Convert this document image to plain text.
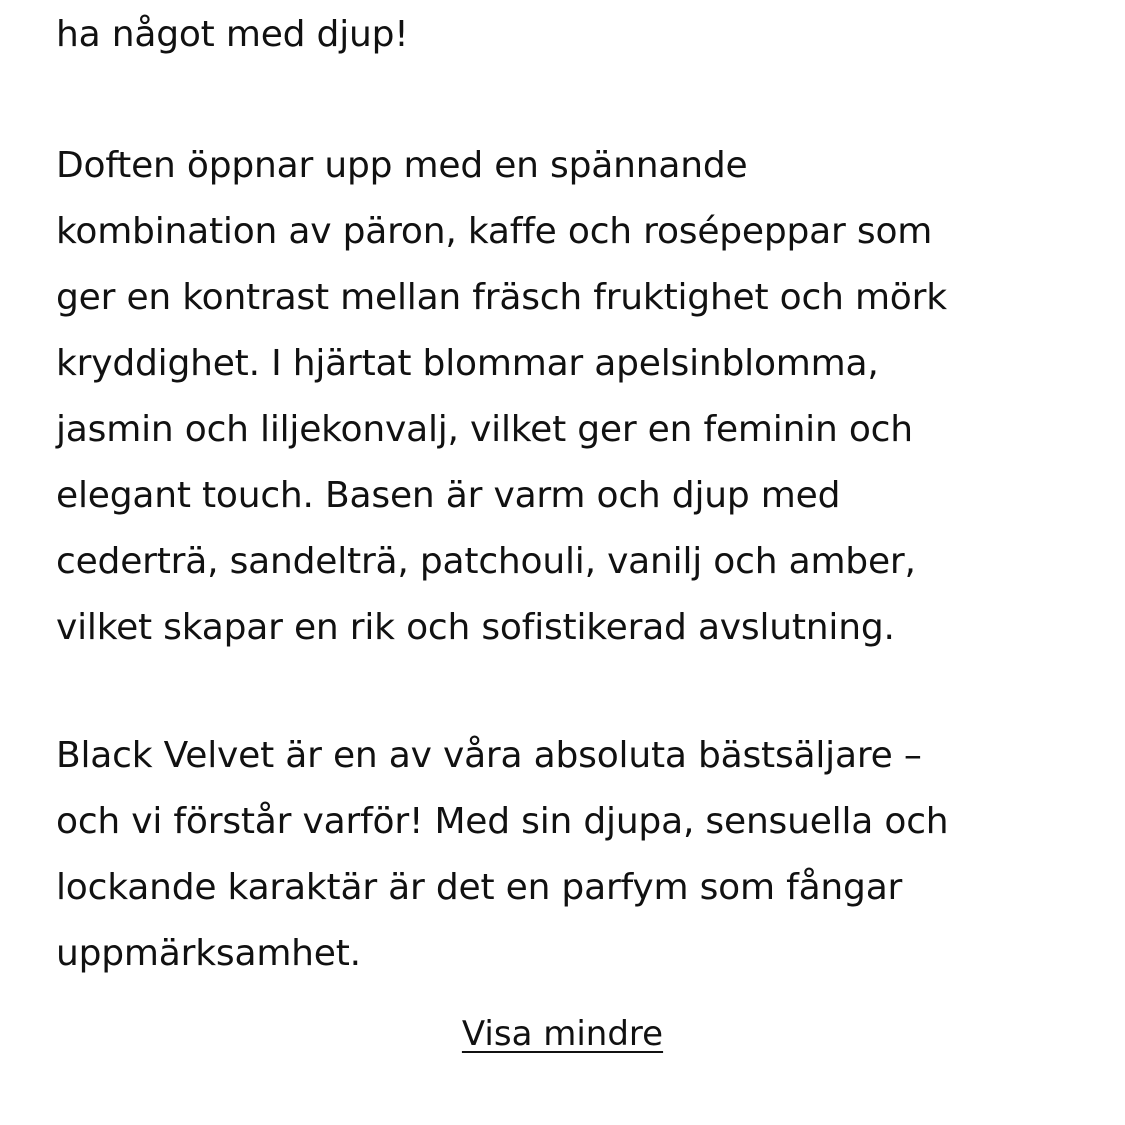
ha något med djup!

Doften öppnar upp med en spännande
kombination av päron, kaffe och rosépeppar som
ger en kontrast mellan fräsch fruktighet och mörk
kryddighet. I hjärtat blommar apelsinblomma,
jasmin och liljekonvalj, vilket ger en feminin och
elegant touch. Basen är varm och djup med
cederträ, sandelträ, patchouli, vanilj och amber,
vilket skapar en rik och sofistikerad avslutning.

Black Velvet är en av våra absoluta bästsäljare –
och vi förstår varför! Med sin djupa, sensuella och
lockande karaktär är det en parfym som fångar
uppmärksamhet.

Visa mindre
